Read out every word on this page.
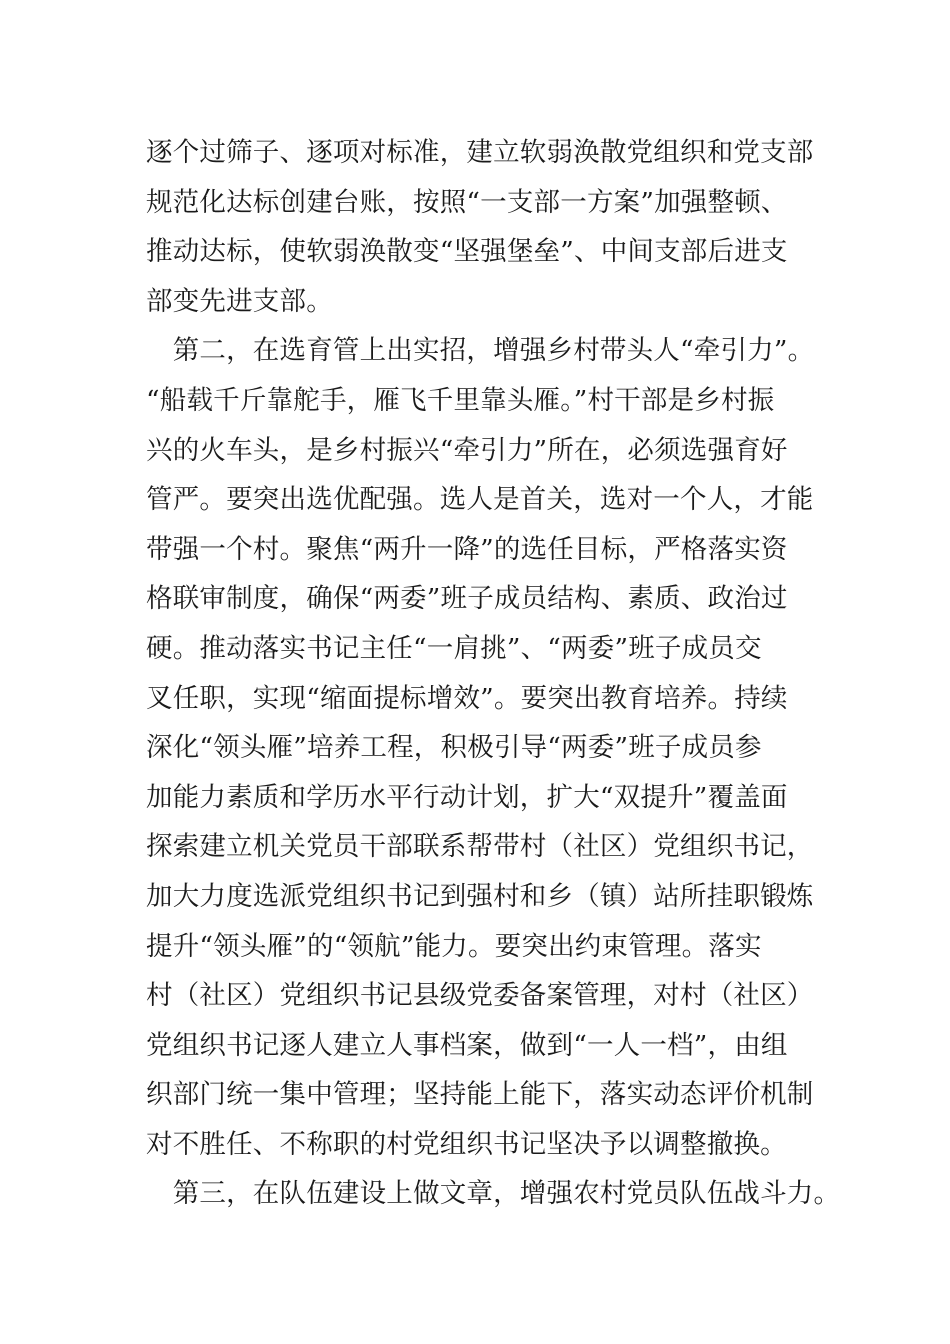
逐个过筛子、逐项对标准，建立软弱涣散党组织和党支部
规范化达标创建台账，按照“一支部一方案”加强整顿、
推动达标，使软弱涣散变“坚强堡垒”、中间支部后进支
部变先进支部。
　第二，在选育管上出实招，增强乡村带头人“牵引力”。
“船载千斤靠舵手，雁飞千里靠头雁。”村干部是乡村振
兴的火车头，是乡村振兴“牵引力”所在，必须选强育好
管严。要突出选优配强。选人是首关，选对一个人，才能
带强一个村。聚焦“两升一降”的选任目标，严格落实资
格联审制度，确保“两委”班子成员结构、素质、政治过
硬。推动落实书记主任“一肩挑”、“两委”班子成员交
叉任职，实现“缩面提标增效”。要突出教育培养。持续
深化“领头雁”培养工程，积极引导“两委”班子成员参
加能力素质和学历水平行动计划，扩大“双提升”覆盖面
探索建立机关党员干部联系帮带村（社区）党组织书记，
加大力度选派党组织书记到强村和乡（镇）站所挂职锻炼
提升“领头雁”的“领航”能力。要突出约束管理。落实
村（社区）党组织书记县级党委备案管理，对村（社区）
党组织书记逐人建立人事档案，做到“一人一档”，由组
织部门统一集中管理；坚持能上能下，落实动态评价机制
对不胜任、不称职的村党组织书记坚决予以调整撤换。
　第三，在队伍建设上做文章，增强农村党员队伍战斗力。
